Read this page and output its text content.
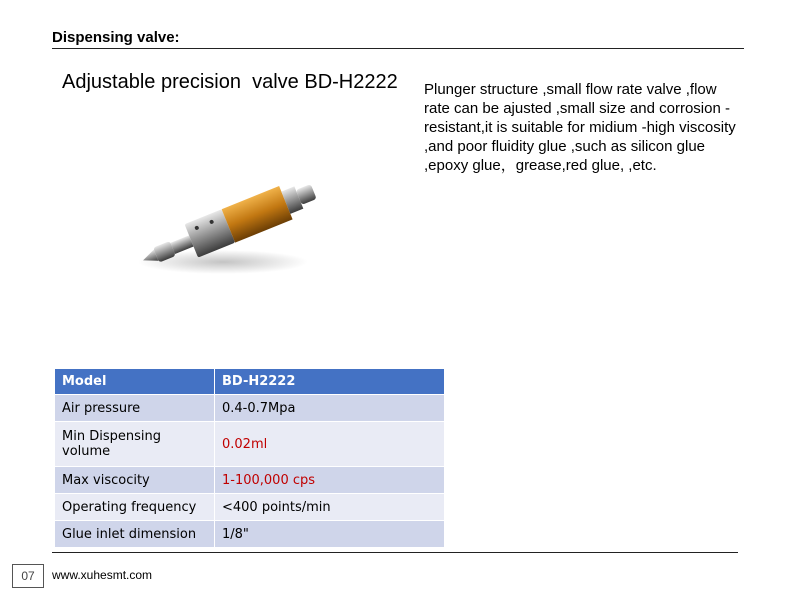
Dispensing valve:
Adjustable precision  valve BD-H2222 Plunger structure ,small flow rate valve ,flow rate can be ajusted ,small size and corrosion -resistant,it is suitable for midium -high viscosity ,and poor fluidity glue ,such as silicon glue ,epoxy glue，grease,red glue, ,etc.
Model	BD-H2222
Air pressure	0.4-0.7Mpa
Min Dispensing volume	0.02ml
Max viscocity	1-100,000 cps
Operating frequency	<400 points/min
Glue inlet dimension	1/8"
07	www.xuhesmt.com
